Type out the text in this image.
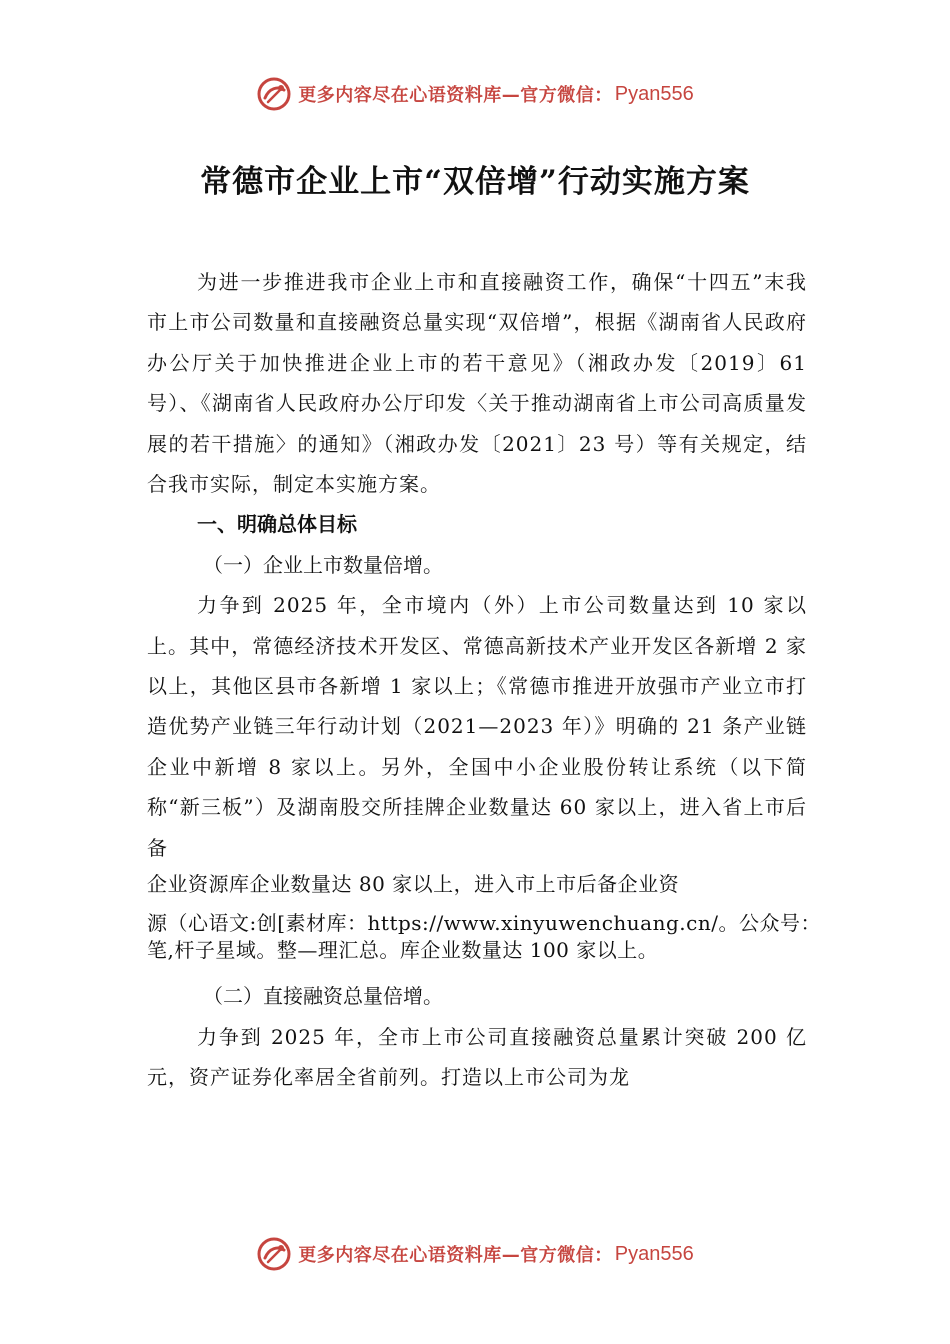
更多内容尽在心语资料库—官方微信： Pyan556
常德市企业上市“双倍增”行动实施方案

为进一步推进我市企业上市和直接融资工作，确保“十四五”末我市上市公司数量和直接融资总量实现“双倍增”，根据《湖南省人民政府办公厅关于加快推进企业上市的若干意见》（湘政办发〔2019〕61 号）、《湖南省人民政府办公厅印发〈关于推动湖南省上市公司高质量发展的若干措施〉的通知》（湘政办发〔2021〕23 号）等有关规定，结合我市实际，制定本实施方案。

一、明确总体目标

（一）企业上市数量倍增。

力争到 2025 年，全市境内（外）上市公司数量达到 10 家以上。其中，常德经济技术开发区、常德高新技术产业开发区各新增 2 家以上，其他区县市各新增 1 家以上；《常德市推进开放强市产业立市打造优势产业链三年行动计划（2021—2023 年）》明确的 21 条产业链企业中新增 8 家以上。另外，全国中小企业股份转让系统（以下简称“新三板”）及湖南股交所挂牌企业数量达 60 家以上，进入省上市后备

企业资源库企业数量达 80 家以上，进入市上市后备企业资

源（心语文:创[素材库：https://www.xinyuwenchuang.cn/。公众号：笔,杆子星域。整—理汇总。库企业数量达 100 家以上。

（二）直接融资总量倍增。

力争到 2025 年，全市上市公司直接融资总量累计突破 200 亿元，资产证券化率居全省前列。打造以上市公司为龙

更多内容尽在心语资料库—官方微信： Pyan556
